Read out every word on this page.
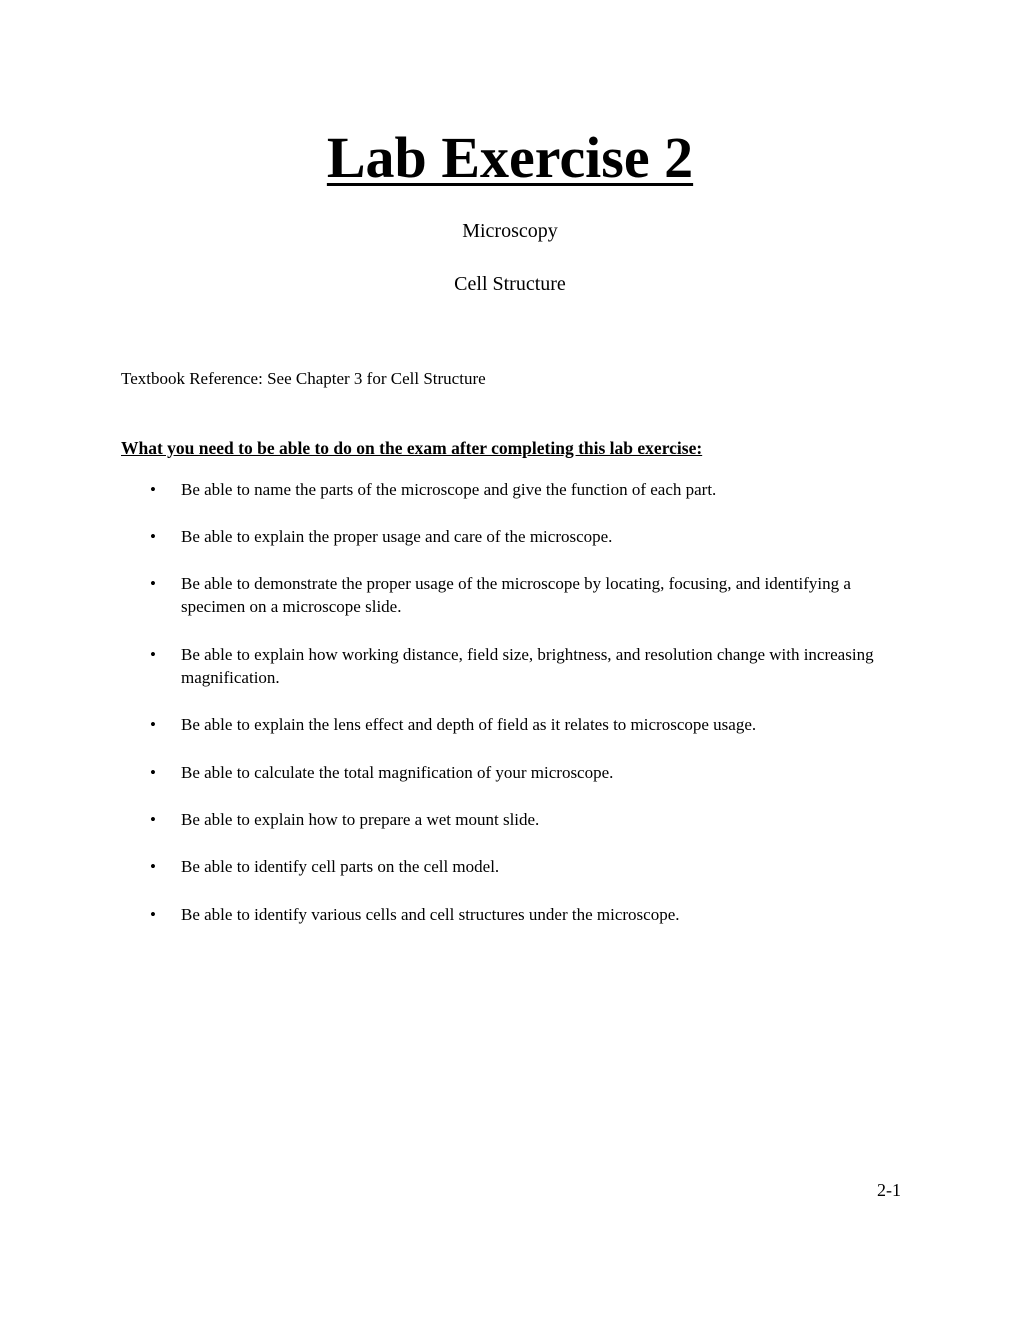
Lab Exercise 2

Microscopy

Cell Structure

Textbook Reference: See Chapter 3 for Cell Structure

What you need to be able to do on the exam after completing this lab exercise:

• Be able to name the parts of the microscope and give the function of each part.
• Be able to explain the proper usage and care of the microscope.
• Be able to demonstrate the proper usage of the microscope by locating, focusing, and identifying a specimen on a microscope slide.
• Be able to explain how working distance, field size, brightness, and resolution change with increasing magnification.
• Be able to explain the lens effect and depth of field as it relates to microscope usage.
• Be able to calculate the total magnification of your microscope.
• Be able to explain how to prepare a wet mount slide.
• Be able to identify cell parts on the cell model.
• Be able to identify various cells and cell structures under the microscope.

2-1
